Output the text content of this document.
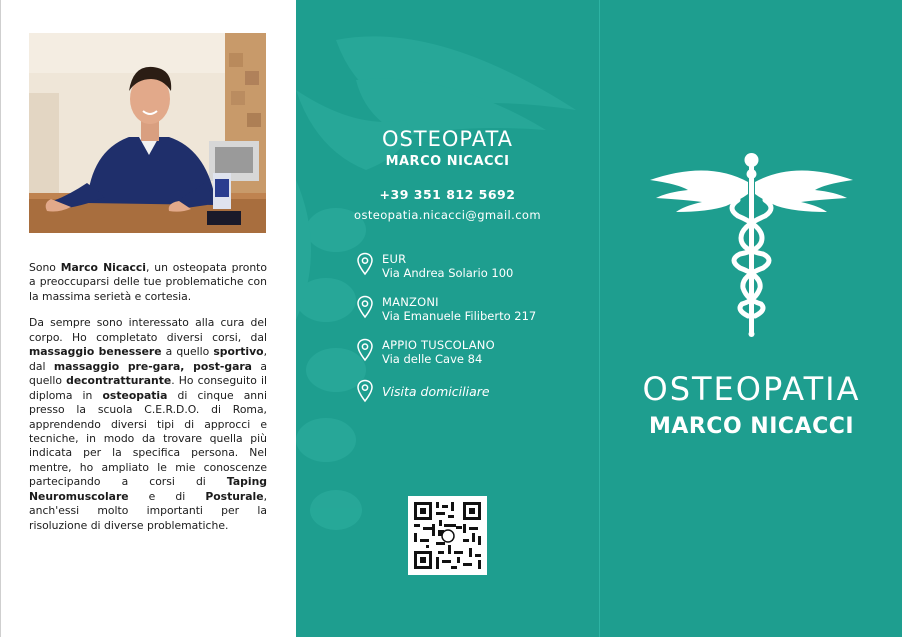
Sono Marco Nicacci, un osteopata pronto a preoccuparsi delle tue problematiche con la massima serietà e cortesia.

Da sempre sono interessato alla cura del corpo. Ho completato diversi corsi, dal massaggio benessere a quello sportivo, dal massaggio pre-gara, post-gara a quello decontratturante. Ho conseguito il diploma in osteopatia di cinque anni presso la scuola C.E.R.D.O. di Roma, apprendendo diversi tipi di approcci e tecniche, in modo da trovare quella più indicata per la specifica persona. Nel mentre, ho ampliato le mie conoscenze partecipando a corsi di Taping Neuromuscolare e di Posturale, anch'essi molto importanti per la risoluzione di diverse problematiche.

OSTEOPATA
MARCO NICACCI
+39 351 812 5692
osteopatia.nicacci@gmail.com
EUR
Via Andrea Solario 100
MANZONI
Via Emanuele Filiberto 217
APPIO TUSCOLANO
Via delle Cave 84
Visita domiciliare	OSTEOPATIA
MARCO NICACCI
